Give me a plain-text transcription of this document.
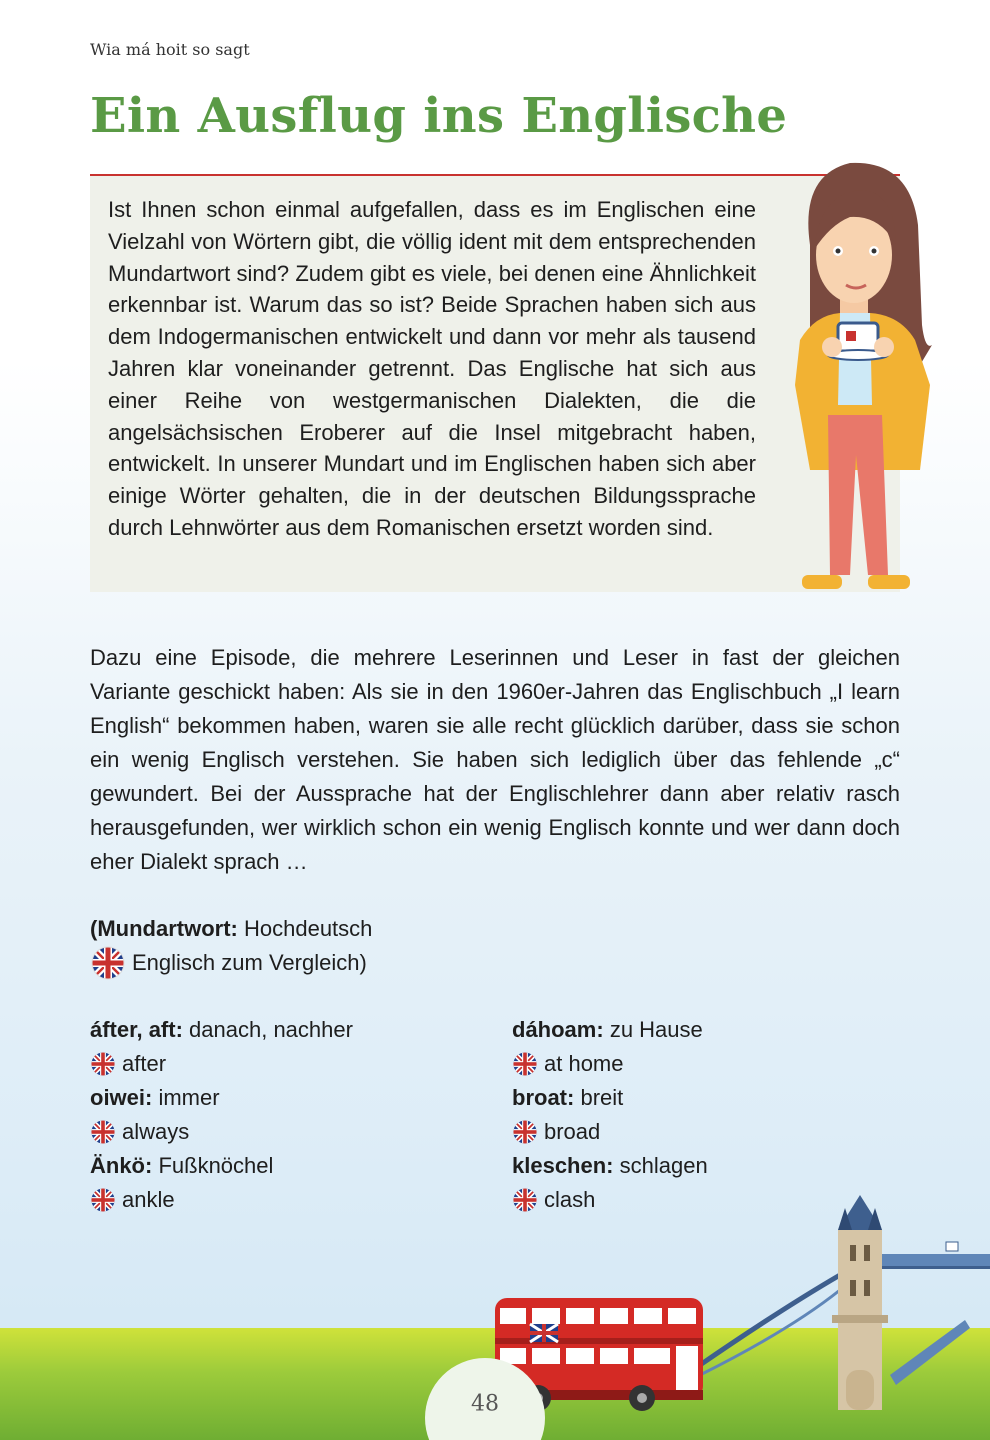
Wia má hoit so sagt
Ein Ausflug ins Englische

Ist Ihnen schon einmal aufgefallen, dass es im Englischen eine Vielzahl von Wörtern gibt, die völlig ident mit dem entsprechenden Mundartwort sind? Zudem gibt es viele, bei denen eine Ähnlichkeit erkennbar ist. Warum das so ist? Beide Sprachen haben sich aus dem Indogermanischen entwickelt und dann vor mehr als tausend Jahren klar voneinander getrennt. Das Englische hat sich aus einer Reihe von westgermanischen Dialekten, die die angelsächsischen Eroberer auf die Insel mitgebracht haben, entwickelt. In unserer Mundart und im Englischen haben sich aber einige Wörter gehalten, die in der deutschen Bildungssprache durch Lehnwörter aus dem Romanischen ersetzt worden sind.

Dazu eine Episode, die mehrere Leserinnen und Leser in fast der gleichen Variante geschickt haben: Als sie in den 1960er-Jahren das Englischbuch „I learn English“ bekommen haben, waren sie alle recht glücklich darüber, dass sie schon ein wenig Englisch verstehen. Sie haben sich lediglich über das fehlende „c“ gewundert. Bei der Aussprache hat der Englischlehrer dann aber relativ rasch herausgefunden, wer wirklich schon ein wenig Englisch konnte und wer dann doch eher Dialekt sprach …

(Mundartwort:
Hochdeutsch
Englisch zum Vergleich)
áfter, aft:
danach, nachher
after
oiwei:
immer
always
Änkö:
Fußknöchel
ankle
dáhoam:
zu Hause
at home
broat:
breit
broad
kleschen:
schlagen
clash
48
